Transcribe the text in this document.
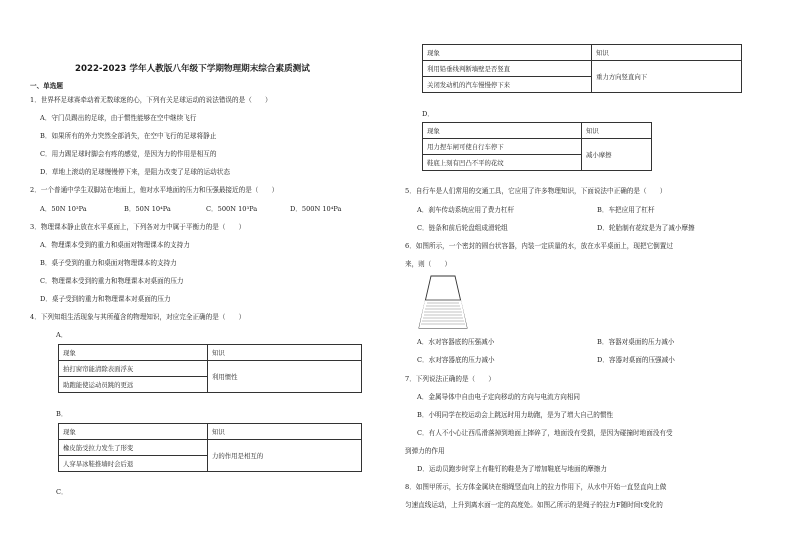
2022-2023 学年人教版八年级下学期物理期末综合素质测试
一、单选题
1．世界杯足球赛牵动着无数球迷的心，下列有关足球运动的说法错误的是（　　）
A．守门员踢出的足球，由于惯性能够在空中继续飞行
B．如果所有的外力突然全部消失，在空中飞行的足球将静止
C．用力踢足球时脚会有疼的感觉，是因为力的作用是相互的
D．草地上滚动的足球慢慢停下来，是阻力改变了足球的运动状态
2．一个普通中学生双脚站在地面上，他对水平地面的压力和压强最接近的是（　　）
A．50N 10³Pa	B．50N 10⁴Pa	C．500N 10³Pa	D．500N 10⁴Pa
3．物理课本静止放在水平桌面上，下列各对力中属于平衡力的是（　　）
A．物理课本受到的重力和桌面对物理课本的支持力
B．桌子受到的重力和桌面对物理课本的支持力
C．物理课本受到的重力和物理课本对桌面的压力
D．桌子受到的重力和物理课本对桌面的压力
4．下列知组生活现象与其所蕴含的物理知识，对应完全正确的是（　　）
A．
现象	知识
拍打窗帘能清除表面浮灰	利用惯性
助跑能使运动员跳的更远	
B．
现象	知识
橡皮筋受拉力发生了形变	力的作用是相互的
人穿旱冰鞋推墙时会后退	
C．
现象	知识
利用铅垂线判断墙壁是否竖直	重力方向竖直向下
关闭发动机的汽车慢慢停下来	
D．
现象	知识
用力捏车闸可使自行车停下	减小摩擦
鞋底上刻有凹凸不平的花纹	
5．自行车是人们常用的交通工具，它应用了许多物理知识，下面说法中正确的是（　　）
A．刹车传动系统应用了费力杠杆	B．车把应用了杠杆
C．链条和前后轮盘组成滑轮组	D．轮胎制有花纹是为了减小摩擦
6．如图所示，一个密封的圆台状容器，内装一定质量的水，放在水平桌面上，现把它倒置过
来，则（　　）
A．水对容器底的压强减小	B．容器对桌面的压力减小
C．水对容器底的压力减小	D．容器对桌面的压强减小
7．下列说法正确的是（　　）
A．金属导体中自由电子定向移动的方向与电流方向相同
B．小明同学在校运动会上跳远时用力助跑，是为了增大自己的惯性
C．有人不小心让西瓜滑落掉到地面上摔碎了，地面没有受损，是因为碰撞时地面没有受
到弹力的作用
D．运动员跑步时穿上有鞋钉的鞋是为了增加鞋底与地面的摩擦力
8．如图甲所示，长方体金属块在细绳竖直向上的拉力作用下，从水中开始一直竖直向上做
匀速直线运动，上升到离水面一定的高度处。如图乙所示的是绳子的拉力F随时间t变化的
